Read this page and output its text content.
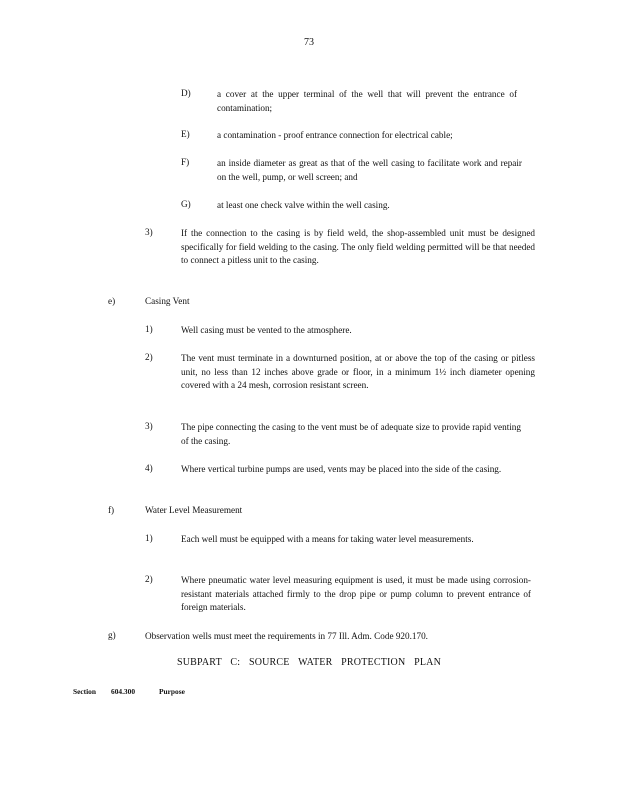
73
D)	a cover at the upper terminal of the well that will prevent the entrance of contamination;
E)	a contamination - proof entrance connection for electrical cable;
F)	an inside diameter as great as that of the well casing to facilitate work and repair on the well, pump, or well screen; and
G)	at least one check valve within the well casing.
3)	If the connection to the casing is by field weld, the shop-assembled unit must be designed specifically for field welding to the casing. The only field welding permitted will be that needed to connect a pitless unit to the casing.
e)	Casing Vent
1)	Well casing must be vented to the atmosphere.
2)	The vent must terminate in a downturned position, at or above the top of the casing or pitless unit, no less than 12 inches above grade or floor, in a minimum 1½ inch diameter opening covered with a 24 mesh, corrosion resistant screen.
3)	The pipe connecting the casing to the vent must be of adequate size to provide rapid venting of the casing.
4)	Where vertical turbine pumps are used, vents may be placed into the side of the casing.
f)	Water Level Measurement
1)	Each well must be equipped with a means for taking water level measurements.
2)	Where pneumatic water level measuring equipment is used, it must be made using corrosion-resistant materials attached firmly to the drop pipe or pump column to prevent entrance of foreign materials.
g)	Observation wells must meet the requirements in 77 Ill. Adm. Code 920.170.
SUBPART C: SOURCE WATER PROTECTION PLAN
Section 604.300	Purpose
